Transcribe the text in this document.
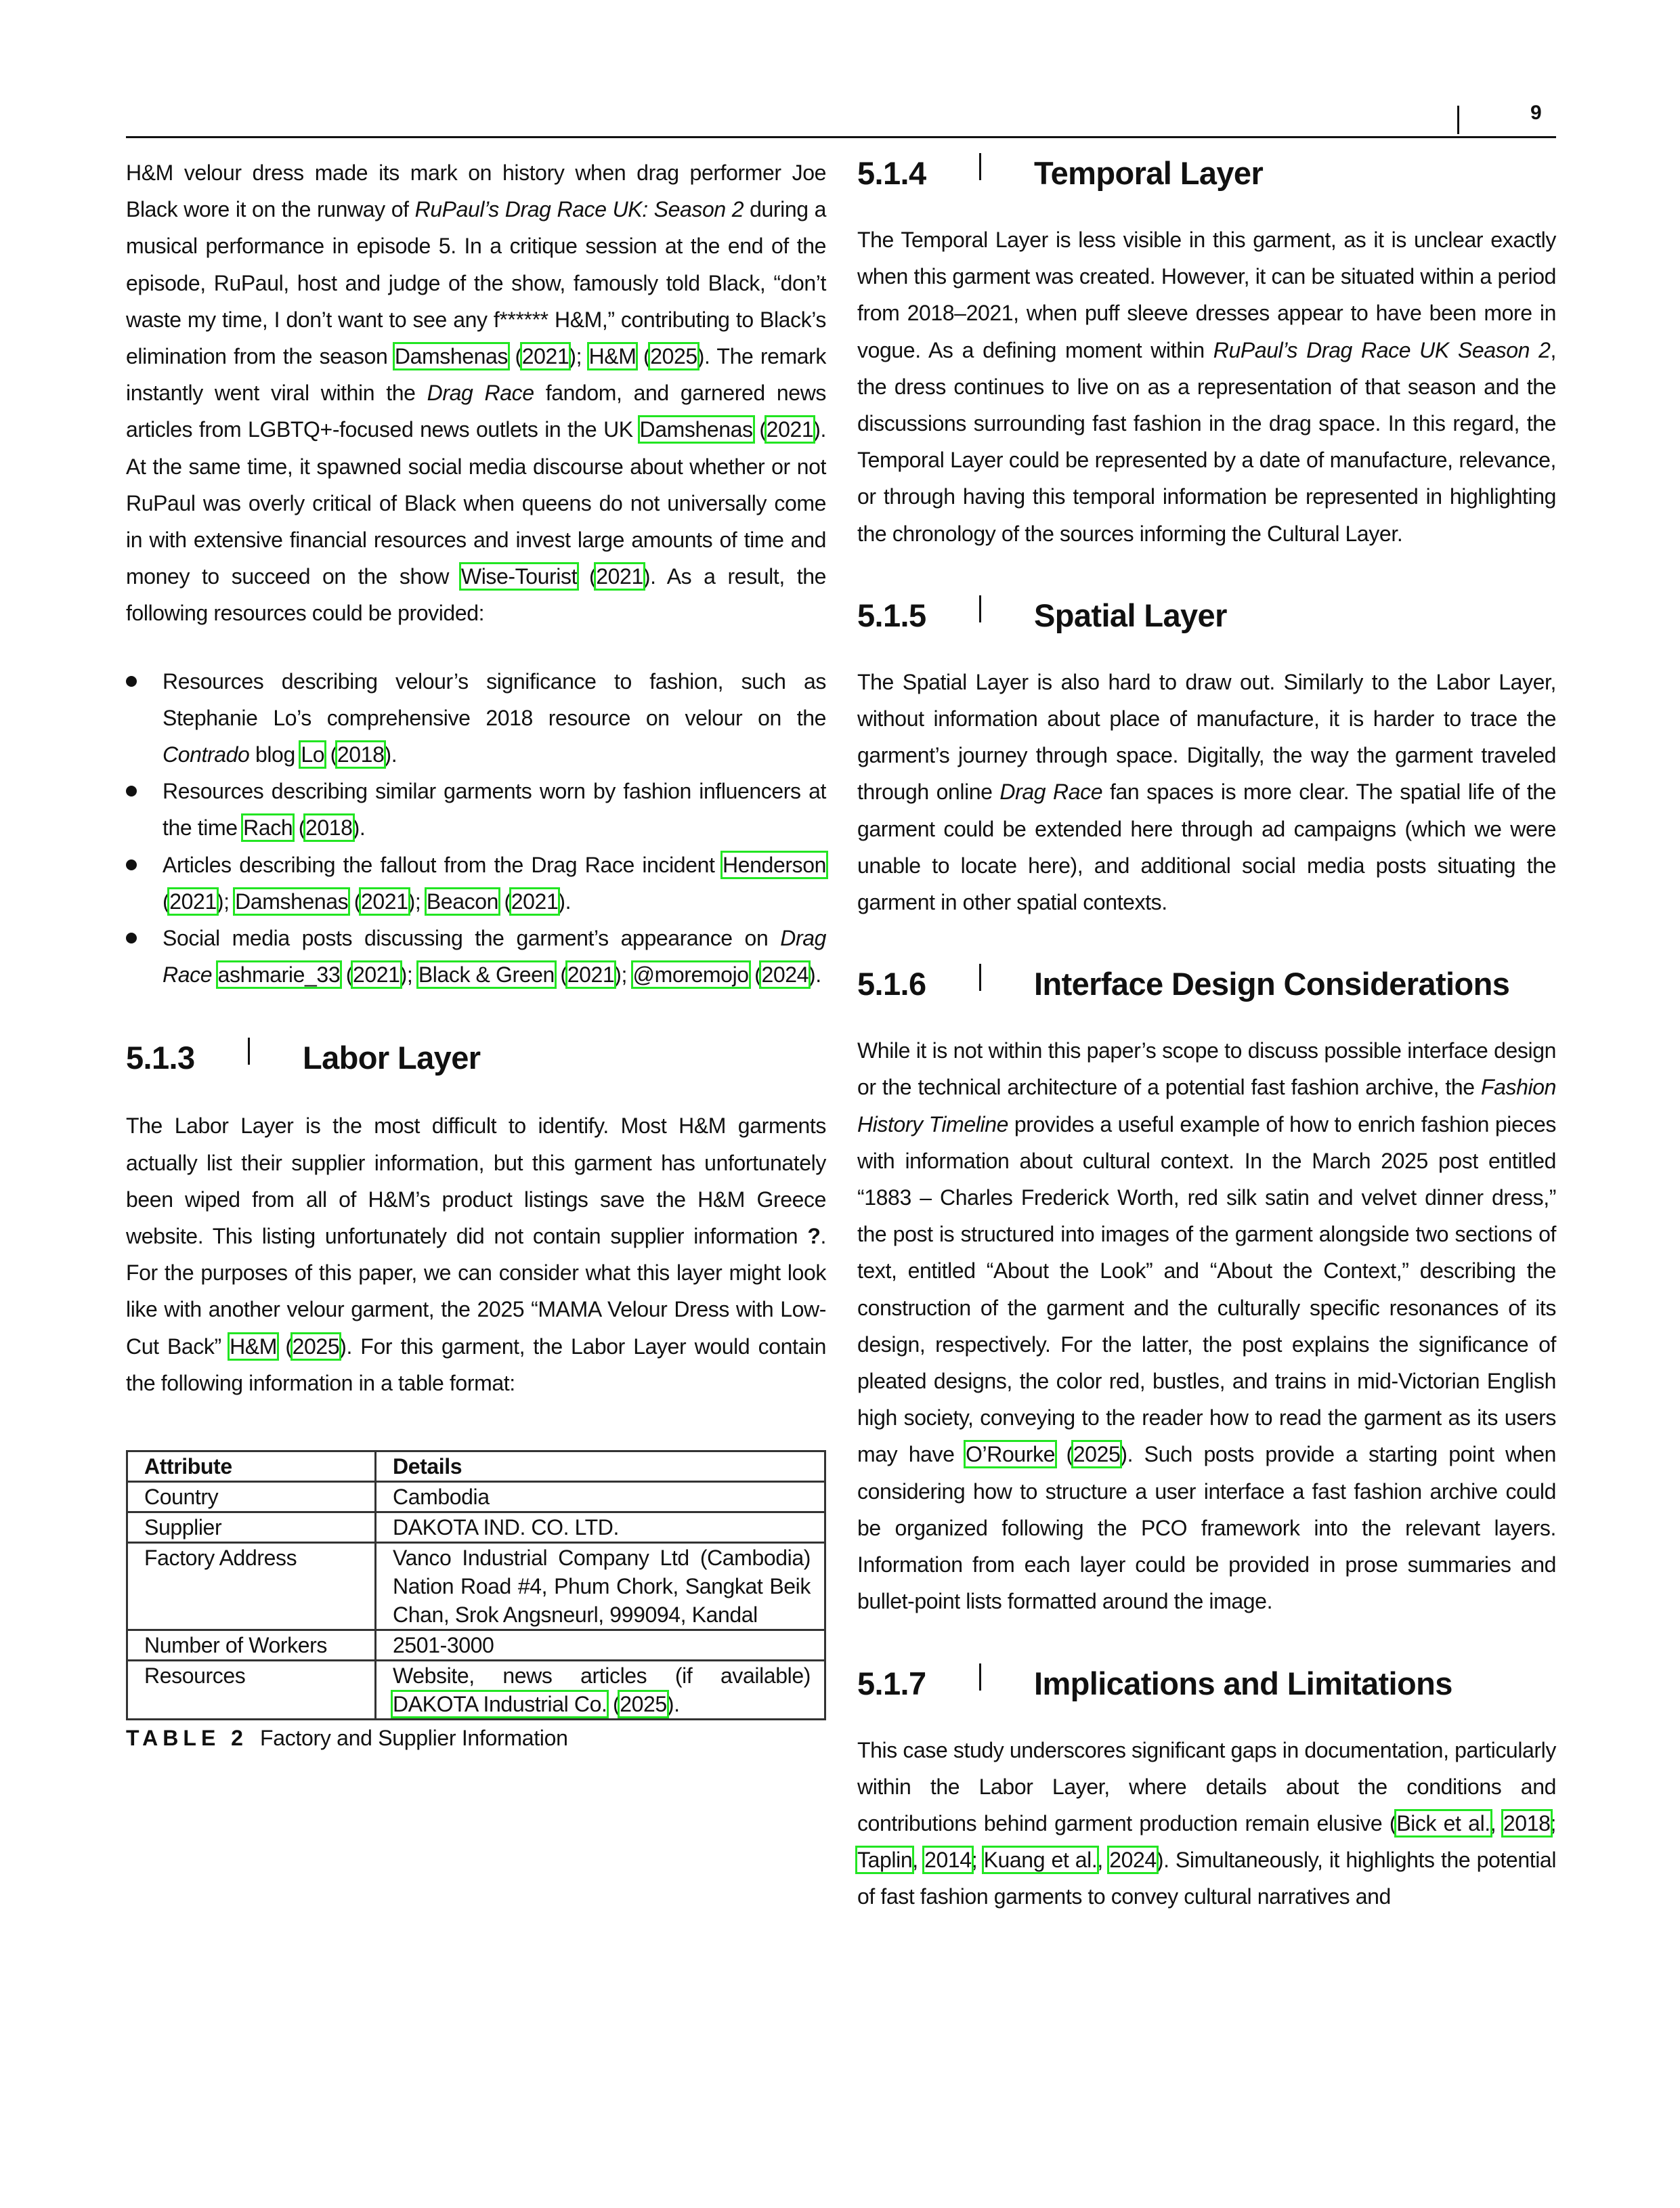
9

H&M velour dress made its mark on history when drag performer Joe Black wore it on the runway of RuPaul’s Drag Race UK: Season 2 during a musical performance in episode 5. In a critique session at the end of the episode, RuPaul, host and judge of the show, famously told Black, “don’t waste my time, I don’t want to see any f****** H&M,” contributing to Black’s elimination from the season Damshenas (2021); H&M (2025). The remark instantly went viral within the Drag Race fandom, and garnered news articles from LGBTQ+-focused news outlets in the UK Damshenas (2021). At the same time, it spawned social media discourse about whether or not RuPaul was overly critical of Black when queens do not universally come in with extensive financial resources and invest large amounts of time and money to succeed on the show Wise-Tourist (2021). As a result, the following resources could be provided:

Resources describing velour’s significance to fashion, such as Stephanie Lo’s comprehensive 2018 resource on velour on the Contrado blog Lo (2018).
Resources describing similar garments worn by fashion influencers at the time Rach (2018).
Articles describing the fallout from the Drag Race incident Henderson (2021); Damshenas (2021); Beacon (2021).
Social media posts discussing the garment’s appearance on Drag Race ashmarie_33 (2021); Black & Green (2021); @moremojo (2024).
5.1.3	Labor Layer

The Labor Layer is the most difficult to identify. Most H&M garments actually list their supplier information, but this garment has unfortunately been wiped from all of H&M’s product listings save the H&M Greece website. This listing unfortunately did not contain supplier information ?. For the purposes of this paper, we can consider what this layer might look like with another velour garment, the 2025 “MAMA Velour Dress with Low-Cut Back” H&M (2025). For this garment, the Labor Layer would contain the following information in a table format:

Attribute	Details
Country	Cambodia
Supplier	DAKOTA IND. CO. LTD.
Factory Address	Vanco Industrial Company Ltd (Cambodia) Nation Road #4, Phum Chork, Sangkat Beik Chan, Srok Angsneurl, 999094, Kandal
Number of Workers	2501-3000
Resources	Website, news articles (if available) DAKOTA Industrial Co. (2025).
TABLE 2 Factory and Supplier Information
5.1.4	Temporal Layer

The Temporal Layer is less visible in this garment, as it is unclear exactly when this garment was created. However, it can be situated within a period from 2018–2021, when puff sleeve dresses appear to have been more in vogue. As a defining moment within RuPaul’s Drag Race UK Season 2, the dress continues to live on as a representation of that season and the discussions surrounding fast fashion in the drag space. In this regard, the Temporal Layer could be represented by a date of manufacture, relevance, or through having this temporal information be represented in highlighting the chronology of the sources informing the Cultural Layer.

5.1.5	Spatial Layer

The Spatial Layer is also hard to draw out. Similarly to the Labor Layer, without information about place of manufacture, it is harder to trace the garment’s journey through space. Digitally, the way the garment traveled through online Drag Race fan spaces is more clear. The spatial life of the garment could be extended here through ad campaigns (which we were unable to locate here), and additional social media posts situating the garment in other spatial contexts.

5.1.6	Interface Design Considerations

While it is not within this paper’s scope to discuss possible interface design or the technical architecture of a potential fast fashion archive, the Fashion History Timeline provides a useful example of how to enrich fashion pieces with information about cultural context. In the March 2025 post entitled “1883 – Charles Frederick Worth, red silk satin and velvet dinner dress,” the post is structured into images of the garment alongside two sections of text, entitled “About the Look” and “About the Context,” describing the construction of the garment and the culturally specific resonances of its design, respectively. For the latter, the post explains the significance of pleated designs, the color red, bustles, and trains in mid-Victorian English high society, conveying to the reader how to read the garment as its users may have O’Rourke (2025). Such posts provide a starting point when considering how to structure a user interface a fast fashion archive could be organized following the PCO framework into the relevant layers. Information from each layer could be provided in prose summaries and bullet-point lists formatted around the image.

5.1.7	Implications and Limitations

This case study underscores significant gaps in documentation, particularly within the Labor Layer, where details about the conditions and contributions behind garment production remain elusive (Bick et al., 2018; Taplin, 2014; Kuang et al., 2024). Simultaneously, it highlights the potential of fast fashion garments to convey cultural narratives and
